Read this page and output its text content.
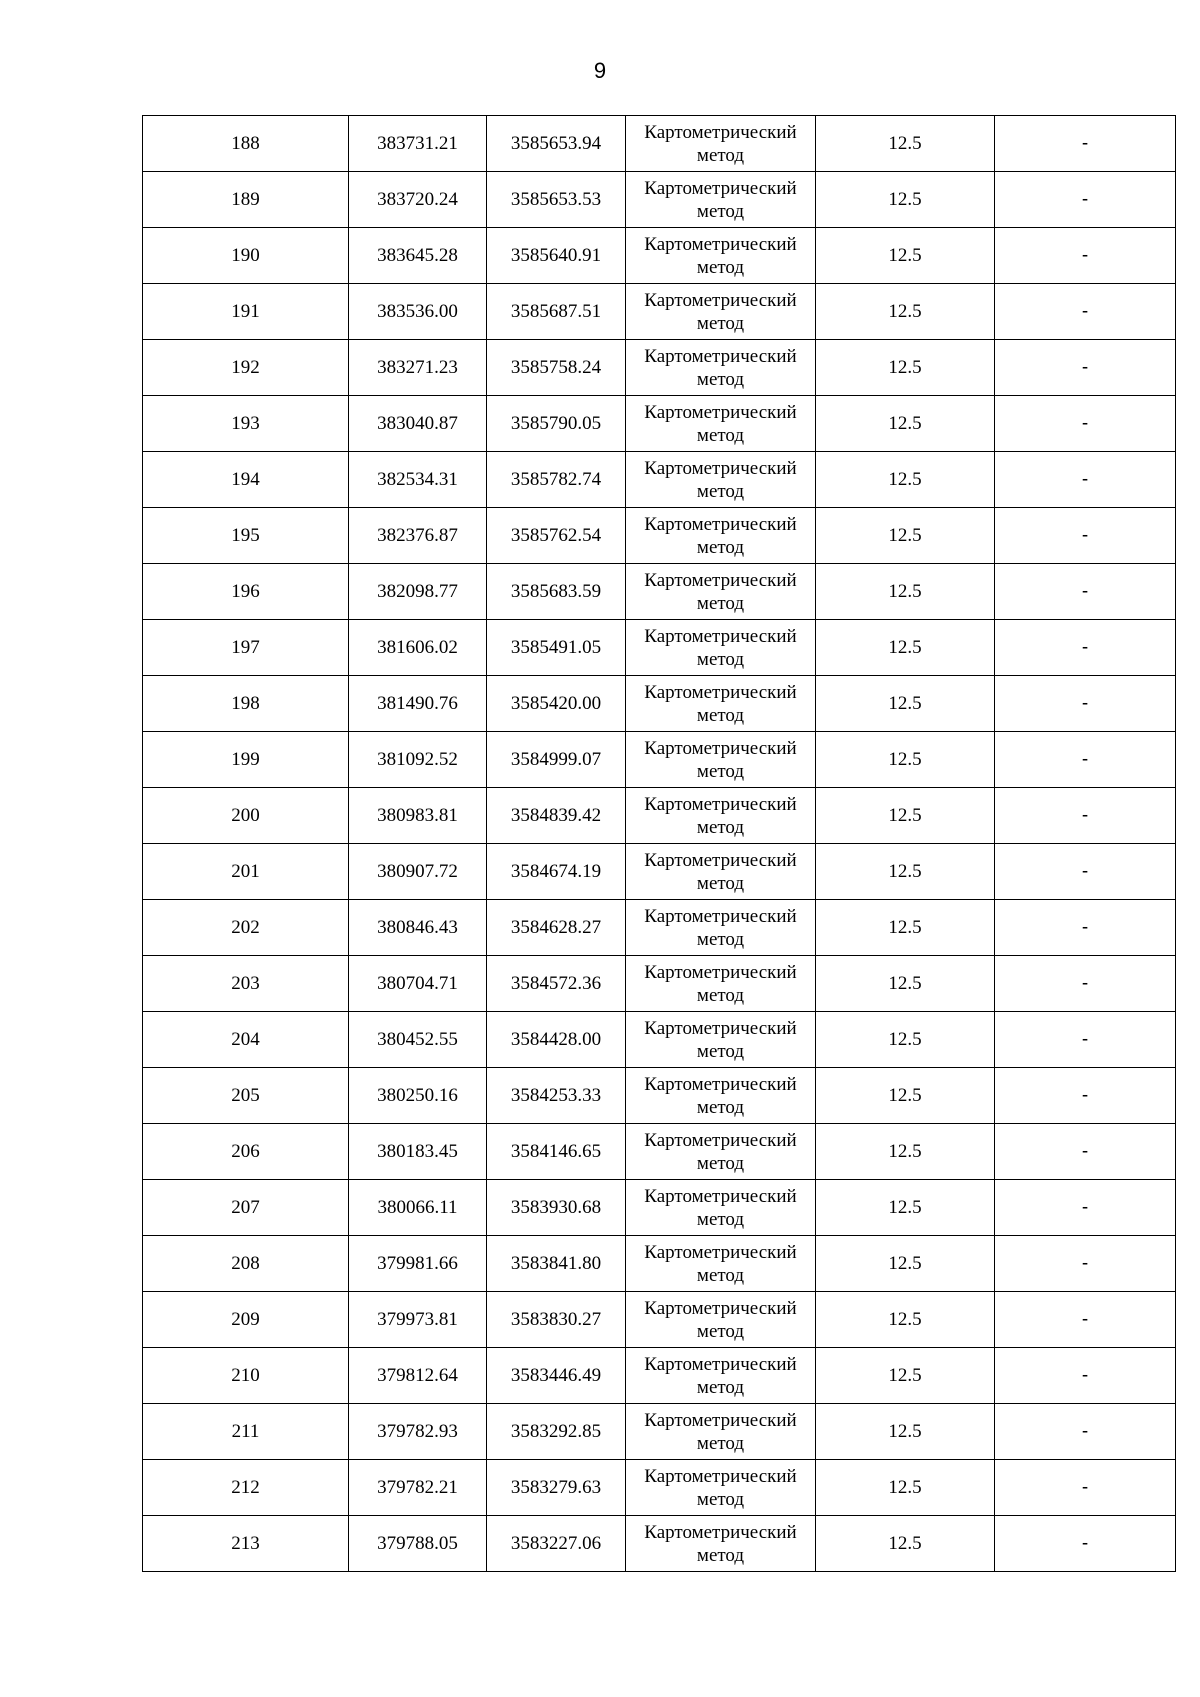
9
188	383731.21	3585653.94	Картометрический метод	12.5	-
189	383720.24	3585653.53	Картометрический метод	12.5	-
190	383645.28	3585640.91	Картометрический метод	12.5	-
191	383536.00	3585687.51	Картометрический метод	12.5	-
192	383271.23	3585758.24	Картометрический метод	12.5	-
193	383040.87	3585790.05	Картометрический метод	12.5	-
194	382534.31	3585782.74	Картометрический метод	12.5	-
195	382376.87	3585762.54	Картометрический метод	12.5	-
196	382098.77	3585683.59	Картометрический метод	12.5	-
197	381606.02	3585491.05	Картометрический метод	12.5	-
198	381490.76	3585420.00	Картометрический метод	12.5	-
199	381092.52	3584999.07	Картометрический метод	12.5	-
200	380983.81	3584839.42	Картометрический метод	12.5	-
201	380907.72	3584674.19	Картометрический метод	12.5	-
202	380846.43	3584628.27	Картометрический метод	12.5	-
203	380704.71	3584572.36	Картометрический метод	12.5	-
204	380452.55	3584428.00	Картометрический метод	12.5	-
205	380250.16	3584253.33	Картометрический метод	12.5	-
206	380183.45	3584146.65	Картометрический метод	12.5	-
207	380066.11	3583930.68	Картометрический метод	12.5	-
208	379981.66	3583841.80	Картометрический метод	12.5	-
209	379973.81	3583830.27	Картометрический метод	12.5	-
210	379812.64	3583446.49	Картометрический метод	12.5	-
211	379782.93	3583292.85	Картометрический метод	12.5	-
212	379782.21	3583279.63	Картометрический метод	12.5	-
213	379788.05	3583227.06	Картометрический метод	12.5	-
